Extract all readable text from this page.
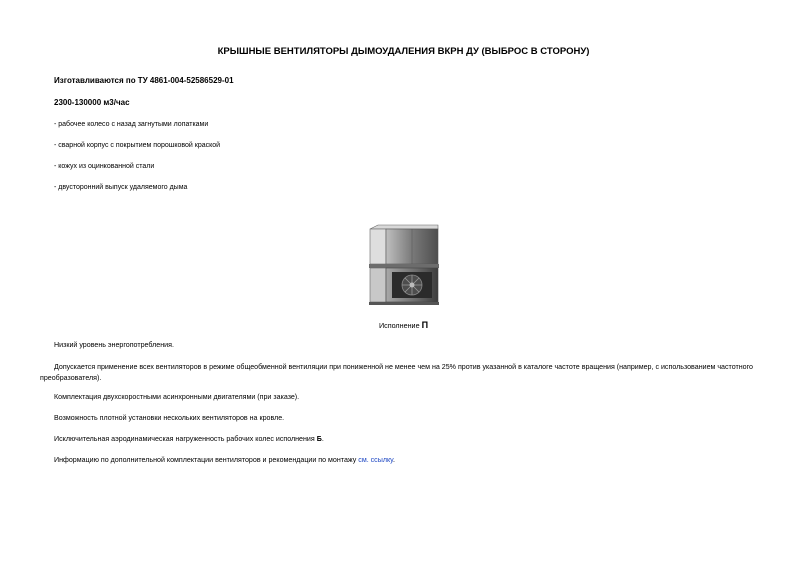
КРЫШНЫЕ ВЕНТИЛЯТОРЫ ДЫМОУДАЛЕНИЯ ВКРН ДУ (ВЫБРОС В СТОРОНУ)
Изготавливаются по ТУ 4861-004-52586529-01
2300-130000 м3/час
- рабочее колесо с назад загнутыми лопатками
- сварной корпус с покрытием порошковой краской
- кожух из оцинкованной стали
- двусторонний выпуск удаляемого дыма
Исполнение П
Низкий уровень энергопотребления.
Допускается применение всех вентиляторов в режиме общеобменной вентиляции при пониженной не менее чем на 25% против указанной в каталоге частоте вращения (например, с использованием частотного преобразователя).
Комплектация двухскоростными асинхронными двигателями (при заказе).
Возможность плотной установки нескольких вентиляторов на кровле.
Исключительная аэродинамическая нагруженность рабочих колес исполнения Б.
Информацию по дополнительной комплектации вентиляторов и рекомендации по монтажу см. ссылку.
